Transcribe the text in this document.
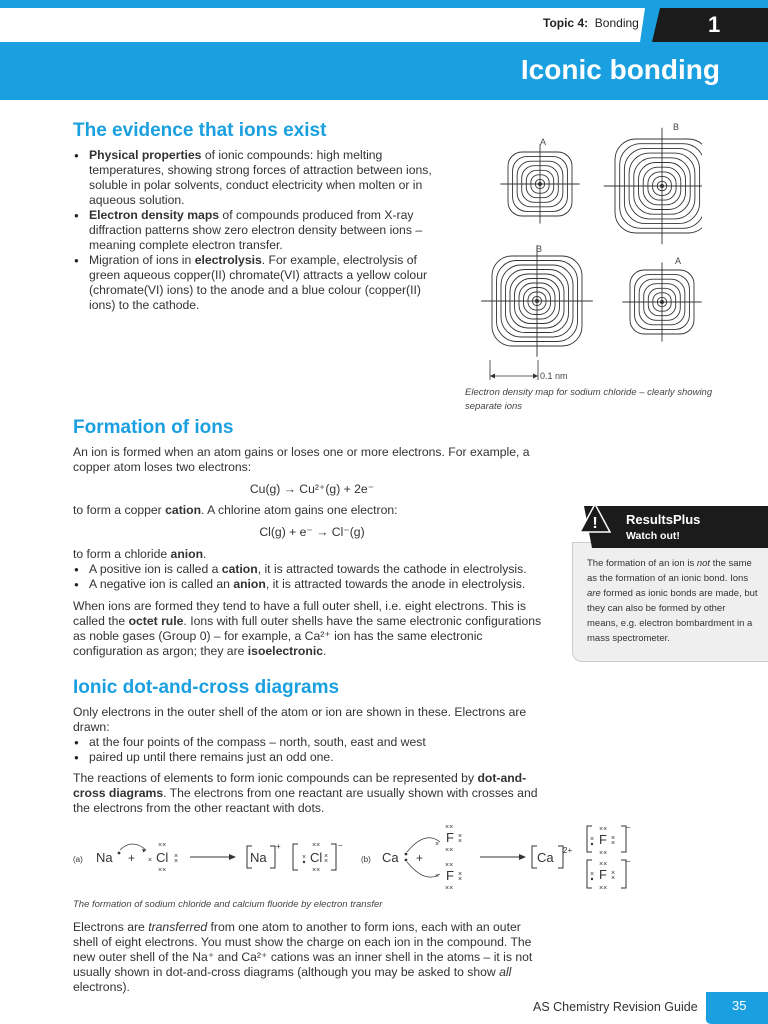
Topic 4: Bonding	1
Iconic bonding
The evidence that ions exist
● Physical properties of ionic compounds: high melting temperatures, showing strong forces of attraction between ions, soluble in polar solvents, conduct electricity when molten or in aqueous solution.
● Electron density maps of compounds produced from X-ray diffraction patterns show zero electron density between ions – meaning complete electron transfer.
● Migration of ions in electrolysis. For example, electrolysis of green aqueous copper(II) chromate(VI) attracts a yellow colour (chromate(VI) ions) to the anode and a blue colour (copper(II) ions) to the cathode.
A
B
B
A
0.1 nm
Electron density map for sodium chloride – clearly showing separate ions
Formation of ions
An ion is formed when an atom gains or loses one or more electrons. For example, a copper atom loses two electrons:
Cu(g) → Cu²⁺(g) + 2e⁻
to form a copper cation. A chlorine atom gains one electron:
Cl(g) + e⁻ → Cl⁻(g)
to form a chloride anion.
● A positive ion is called a cation, it is attracted towards the cathode in electrolysis.
● A negative ion is called an anion, it is attracted towards the anode in electrolysis.
When ions are formed they tend to have a full outer shell, i.e. eight electrons. This is called the octet rule. Ions with full outer shells have the same electronic configurations as noble gases (Group 0) – for example, a Ca²⁺ ion has the same electronic configuration as argon; they are isoelectronic.
! ResultsPlus
Watch out!
The formation of an ion is not the same as the formation of an ionic bond. Ions are formed as ionic bonds are made, but they can also be formed by other means, e.g. electron bombardment in a mass spectrometer.
Ionic dot-and-cross diagrams
Only electrons in the outer shell of the atom or ion are shown in these. Electrons are drawn:
● at the four points of the compass – north, south, east and west
● paired up until there remains just an odd one.
The reactions of elements to form ionic compounds can be represented by dot-and-cross diagrams. The electrons from one reactant are usually shown with crosses and the electrons from the other reactant with dots.
(a) Na + Cl
××
××
×
×
×	Na
+
Cl
××
××
×	×
×
−
(b) Ca +
F
××
××
×
×
×
F
××
××
×
×
×
Ca 2+
F
××
××
× ×
×
−
F
××
××
× ×
×
−
The formation of sodium chloride and calcium fluoride by electron transfer
Electrons are transferred from one atom to another to form ions, each with an outer shell of eight electrons. You must show the charge on each ion in the compound. The new outer shell of the Na⁺ and Ca²⁺ cations was an inner shell in the atoms – it is not usually shown in dot-and-cross diagrams (although you may be asked to show all electrons).
AS Chemistry Revision Guide	35
